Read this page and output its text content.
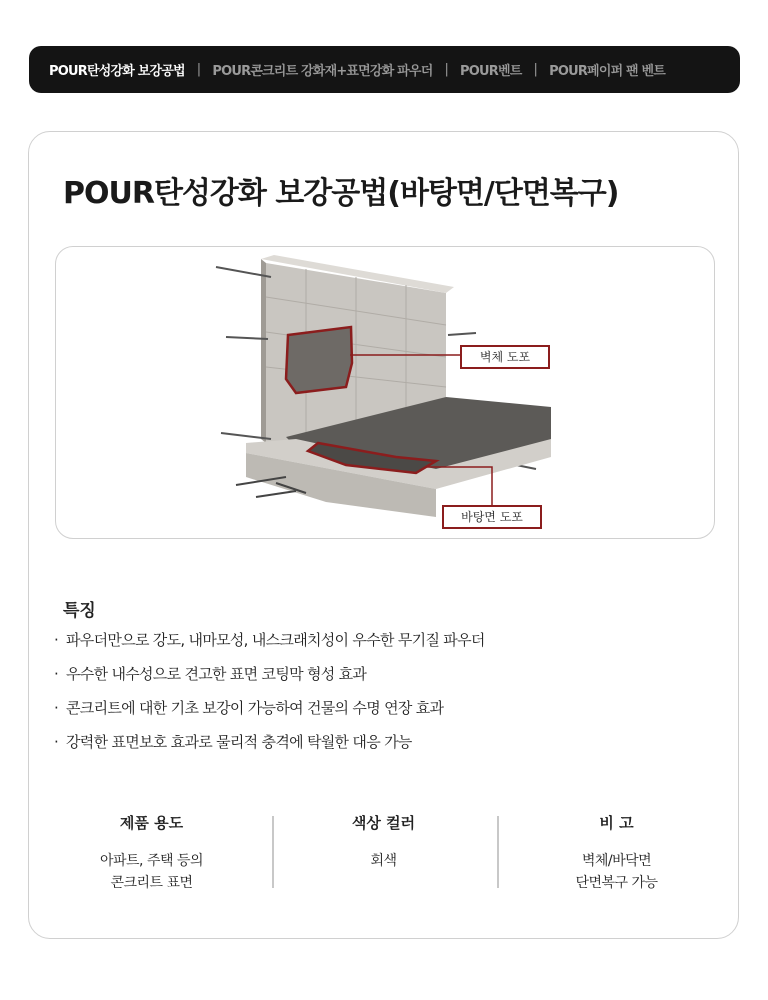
POUR탄성강화 보강공법 | POUR콘크리트 강화재+표면강화 파우더 | POUR벤트 | POUR페이퍼 팬 벤트
POUR탄성강화 보강공법(바탕면/단면복구)
벽체 도포
바탕면 도포
특징
· 파우더만으로 강도, 내마모성, 내스크래치성이 우수한 무기질 파우더
· 우수한 내수성으로 견고한 표면 코팅막 형성 효과
· 콘크리트에 대한 기초 보강이 가능하여 건물의 수명 연장 효과
· 강력한 표면보호 효과로 물리적 충격에 탁월한 대응 가능
제품 용도
아파트, 주택 등의
콘크리트 표면
색상 컬러
회색
비 고
벽체/바닥면
단면복구 가능
